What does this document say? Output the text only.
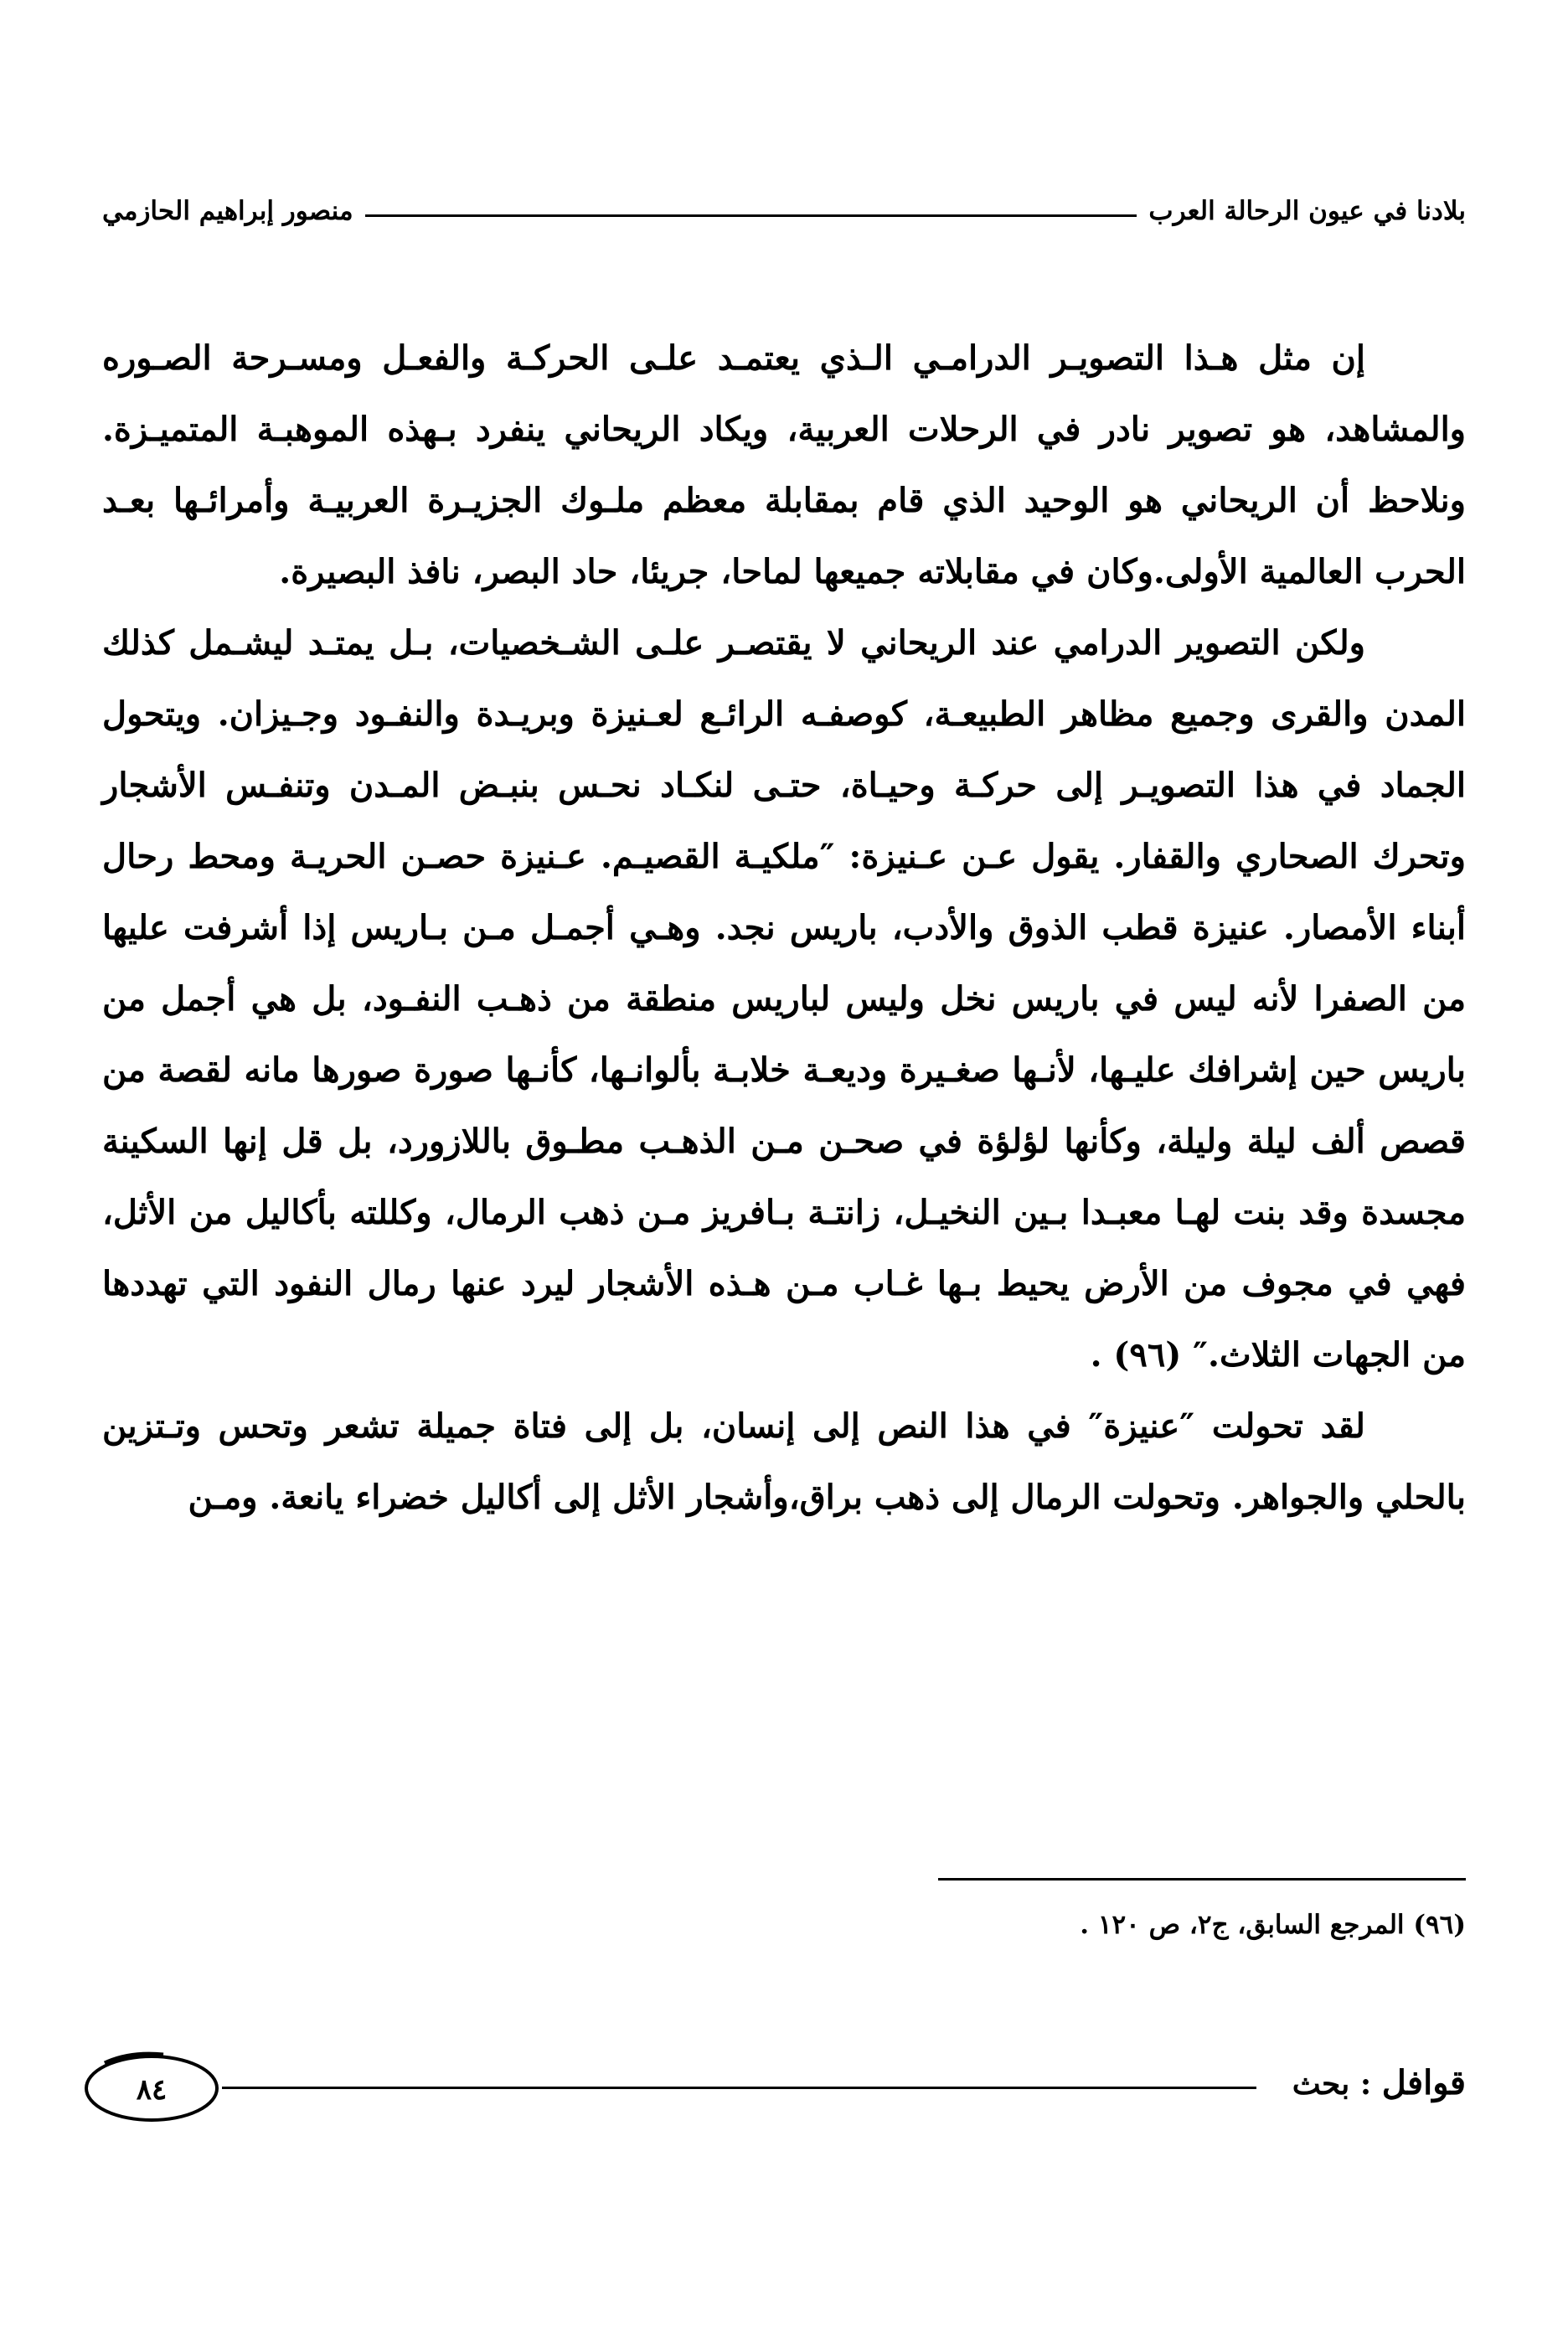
بلادنا في عيون الرحالة العرب
منصور إبراهيم الحازمي

إن مثل هـذا التصويـر الدرامـي الـذي يعتمـد علـى الحركـة والفعـل ومسـرحة الصـوره والمشاهد، هو تصوير نادر في الرحلات العربية، ويكاد الريحاني ينفرد بـهذه الموهبـة المتميـزة. ونلاحظ أن الريحاني هو الوحيد الذي قام بمقابلة معظم ملـوك الجزيـرة العربيـة وأمرائـها بعـد الحرب العالمية الأولى.وكان في مقابلاته جميعها لماحا، جريئا، حاد البصر، نافذ البصيرة.

ولكن التصوير الدرامي عند الريحاني لا يقتصـر علـى الشـخصيات، بـل يمتـد ليشـمل كذلك المدن والقرى وجميع مظاهر الطبيعـة، كوصفـه الرائـع لعـنيزة وبريـدة والنفـود وجـيزان. ويتحول الجماد في هذا التصويـر إلى حركـة وحيـاة، حتـى لنكـاد نحـس بنبـض المـدن وتنفـس الأشجار وتحرك الصحاري والقفار. يقول عـن عـنيزة: ″ملكيـة القصيـم. عـنيزة حصـن الحريـة ومحط رحال أبناء الأمصار. عنيزة قطب الذوق والأدب، باريس نجد. وهـي أجمـل مـن بـاريس إذا أشرفت عليها من الصفرا لأنه ليس في باريس نخل وليس لباريس منطقة من ذهـب النفـود، بل هي أجمل من باريس حين إشرافك عليـها، لأنـها صغـيرة وديعـة خلابـة بألوانـها، كأنـها صورة صورها مانه لقصة من قصص ألف ليلة وليلة، وكأنها لؤلؤة في صحـن مـن الذهـب مطـوق باللازورد، بل قل إنها السكينة مجسدة وقد بنت لهـا معبـدا بـين النخيـل، زانتـة بـافريز مـن ذهب الرمال، وكللته بأكاليل من الأثل، فهي في مجوف من الأرض يحيط بـها غـاب مـن هـذه الأشجار ليرد عنها رمال النفود التي تهددها من الجهات الثلاث.″ (٩٦) .

لقد تحولت ″عنيزة″ في هذا النص إلى إنسان، بل إلى فتاة جميلة تشعر وتحس وتـتزين بالحلي والجواهر. وتحولت الرمال إلى ذهب براق،وأشجار الأثل إلى أكاليل خضراء يانعة. ومـن

(٩٦) المرجع السابق، ج٢، ص ١٢٠ .
قوافل : بحث
٨٤
